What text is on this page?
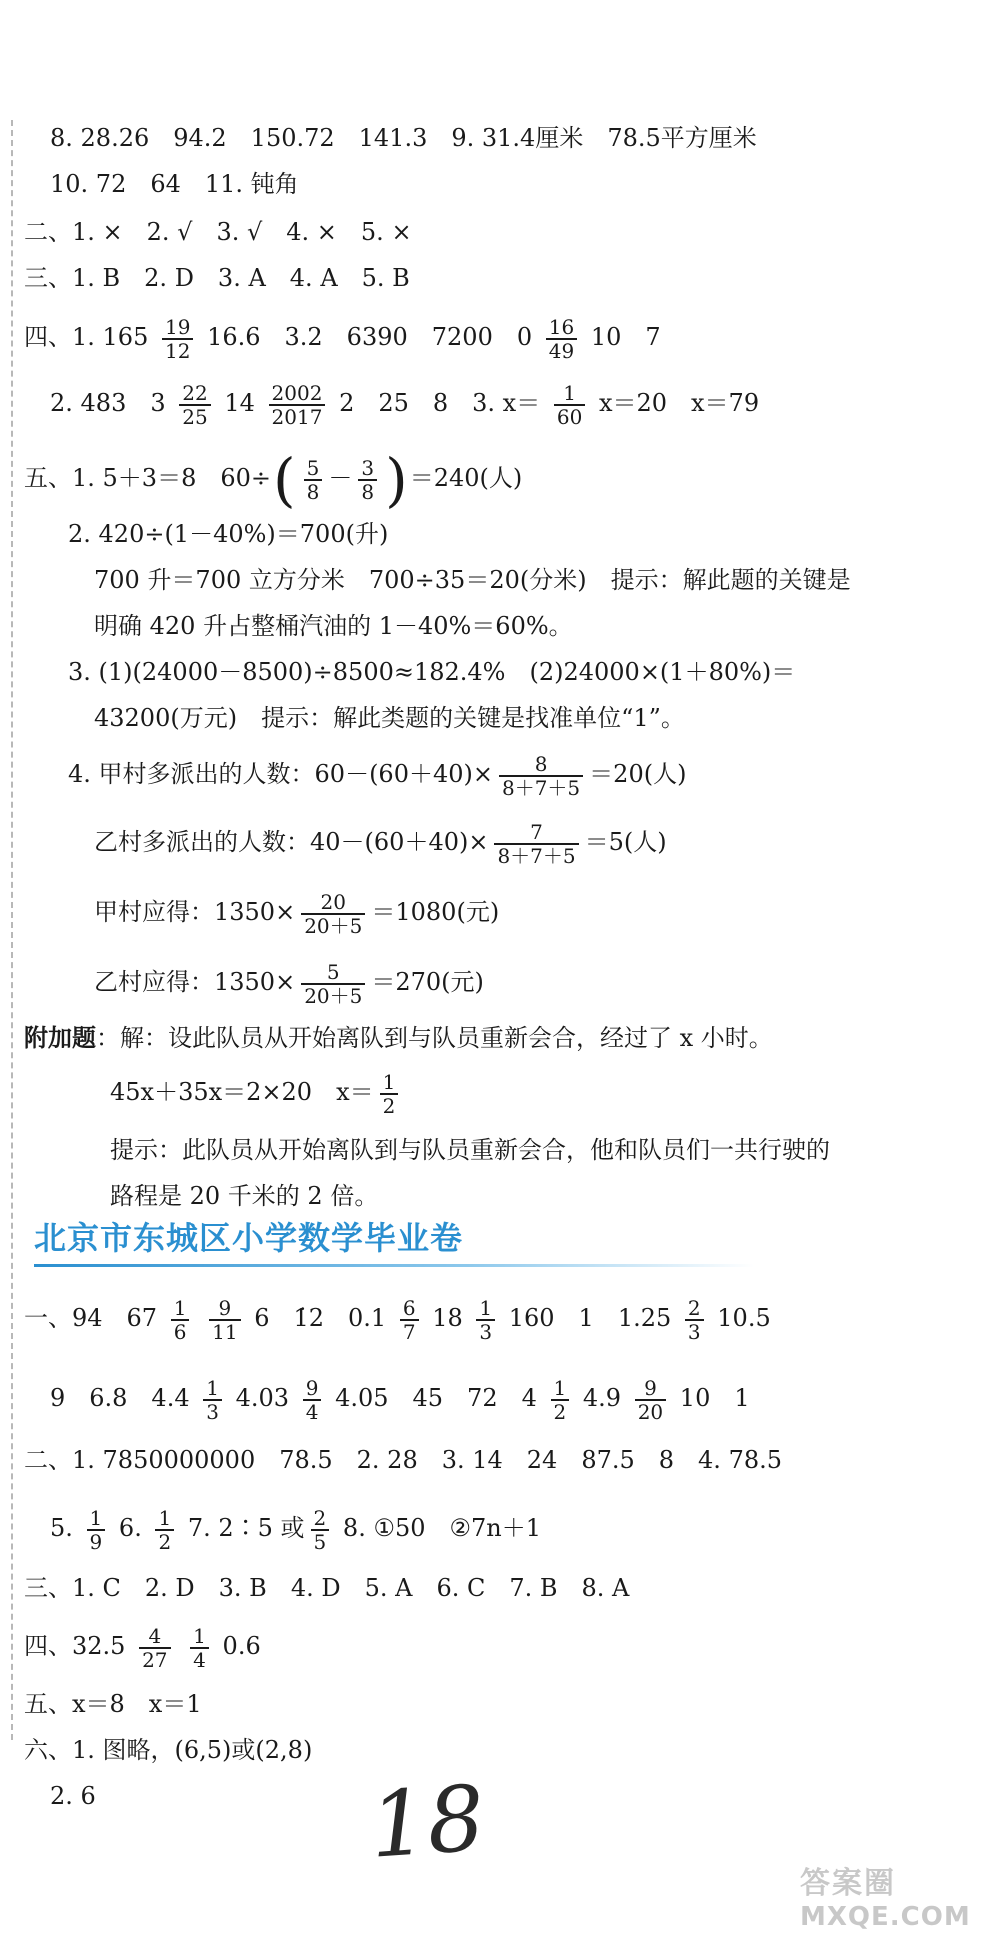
8. 28.26　94.2　150.72　141.3　9. 31.4厘米　78.5平方厘米
10. 72　64　11. 钝角
二、1. ×　2. √　3. √　4. ×　5. ×
三、1. B　2. D　3. A　4. A　5. B
四、1. $165 \frac{19}{12} 16.6$　3.2　6390　7200　$0 \frac{16}{49} 10$　7
2. 483　$3 \frac{22}{25} 14 \frac{2002}{2017} 2$　25　8　3. $x= \frac{1}{60} x=20$　x＝79
五、1. 5＋3＝8　$60\div( \frac{5}{8} - \frac{3}{8} )=240$(人)
2. 420÷(1－40%)＝700(升)
700 升＝700 立方分米　700÷35＝20(分米)　提示：解此题的关键是
明确 420 升占整桶汽油的 1－40%＝60%。
3. (1)(24000－8500)÷8500≈182.4%　(2)24000×(1＋80%)＝
43200(万元)　提示：解此类题的关键是找准单位“1”。
4. 甲村多派出的人数：$60-(60+40)\times \frac{8}{8+7+5} =20$(人)
乙村多派出的人数：$40-(60+40)\times \frac{7}{8+7+5} =5$(人)
甲村应得：$1350\times \frac{20}{20+5} =1080$(元)
乙村应得：$1350\times \frac{5}{20+5} =270$(元)
附加题：解：设此队员从开始离队到与队员重新会合，经过了 x 小时。
45x＋35x＝2×20　$x= \frac{1}{2}$
提示：此队员从开始离队到与队员重新会合，他和队员们一共行驶的
路程是 20 千米的 2 倍。
北京市东城区小学数学毕业卷
一、94　$67 \frac{1}{6}$
$\frac{9}{11} 6$　1̇2　$0.1 \frac{6}{7} 18 \frac{1}{3} 160$　1　$1.25 \frac{2}{3} 10.5$
9　6.8　$4.4 \frac{1}{3} 4.03 \frac{9}{4} 4.05$　45　72　$4 \frac{1}{2} 4.9 \frac{9}{20} 10$　1
二、1. 7850000000　78.5　2. 28　3. 14　24　87.5　8　4. 78.5
5. $\frac{1}{9} 6$. $\frac{1}{2} 7$. 2∶5 或 $\frac{2}{5} 8$. ①50　②7n＋1
三、1. C　2. D　3. B　4. D　5. A　6. C　7. B　8. A
四、$32.5 \frac{4}{27}$
$\frac{1}{4} 0.6$
五、x＝8　x＝1
六、1. 图略，(6,5)或(2,8)
2. 6	18
答案圈
MXQE.COM
